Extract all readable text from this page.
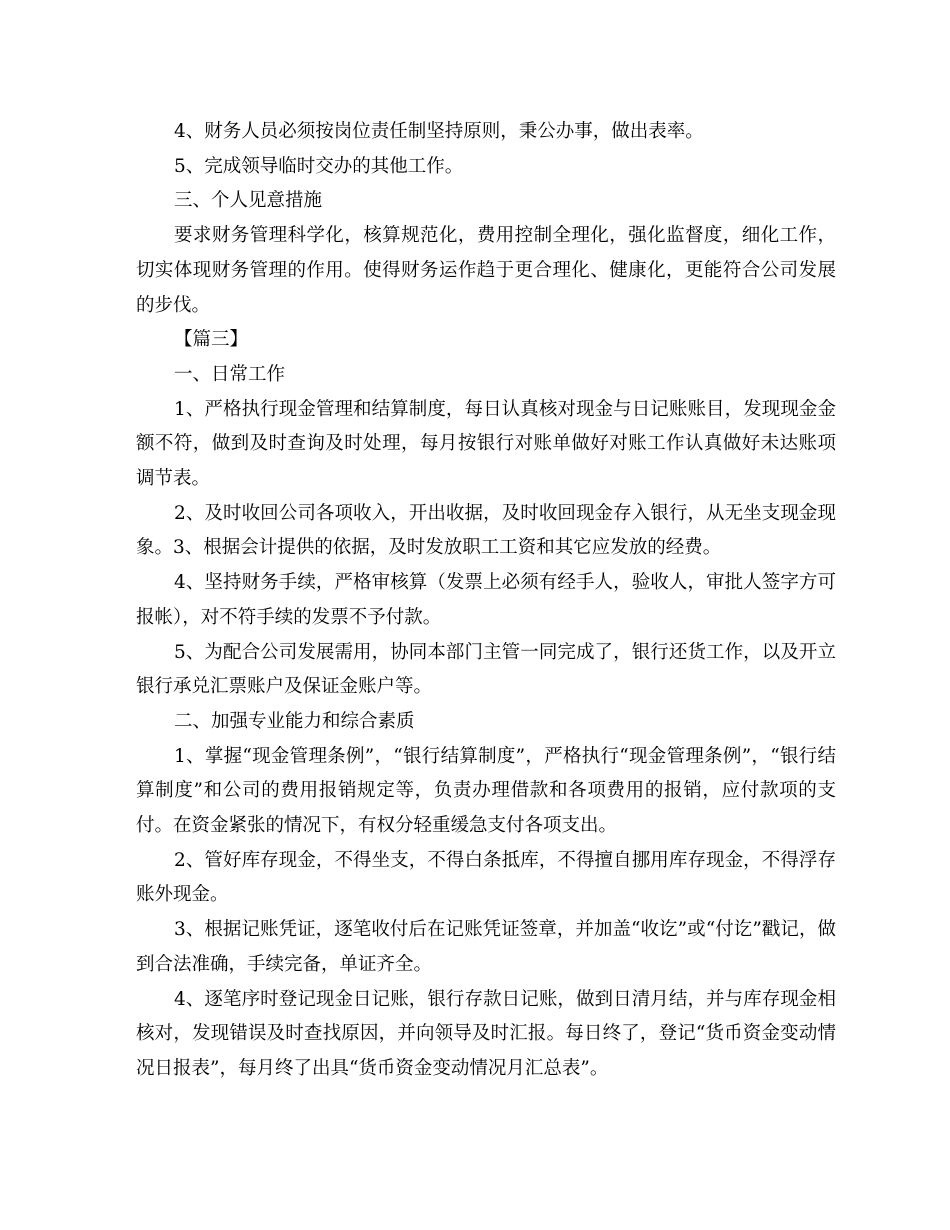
4、财务人员必须按岗位责任制坚持原则，秉公办事，做出表率。

5、完成领导临时交办的其他工作。

三、个人见意措施

要求财务管理科学化，核算规范化，费用控制全理化，强化监督度，细化工作，切实体现财务管理的作用。使得财务运作趋于更合理化、健康化，更能符合公司发展的步伐。

【篇三】

一、日常工作

1、严格执行现金管理和结算制度，每日认真核对现金与日记账账目，发现现金金额不符，做到及时查询及时处理，每月按银行对账单做好对账工作认真做好未达账项调节表。

2、及时收回公司各项收入，开出收据，及时收回现金存入银行，从无坐支现金现象。3、根据会计提供的依据，及时发放职工工资和其它应发放的经费。

4、坚持财务手续，严格审核算（发票上必须有经手人，验收人，审批人签字方可报帐），对不符手续的发票不予付款。

5、为配合公司发展需用，协同本部门主管一同完成了，银行还货工作，以及开立银行承兑汇票账户及保证金账户等。

二、加强专业能力和综合素质

1、掌握“现金管理条例”，“银行结算制度”，严格执行“现金管理条例”，“银行结算制度”和公司的费用报销规定等，负责办理借款和各项费用的报销，应付款项的支付。在资金紧张的情况下，有权分轻重缓急支付各项支出。

2、管好库存现金，不得坐支，不得白条抵库，不得擅自挪用库存现金，不得浮存账外现金。

3、根据记账凭证，逐笔收付后在记账凭证签章，并加盖“收讫”或“付讫”戳记，做到合法准确，手续完备，单证齐全。

4、逐笔序时登记现金日记账，银行存款日记账，做到日清月结，并与库存现金相核对，发现错误及时查找原因，并向领导及时汇报。每日终了，登记“货币资金变动情况日报表”，每月终了出具“货币资金变动情况月汇总表”。
